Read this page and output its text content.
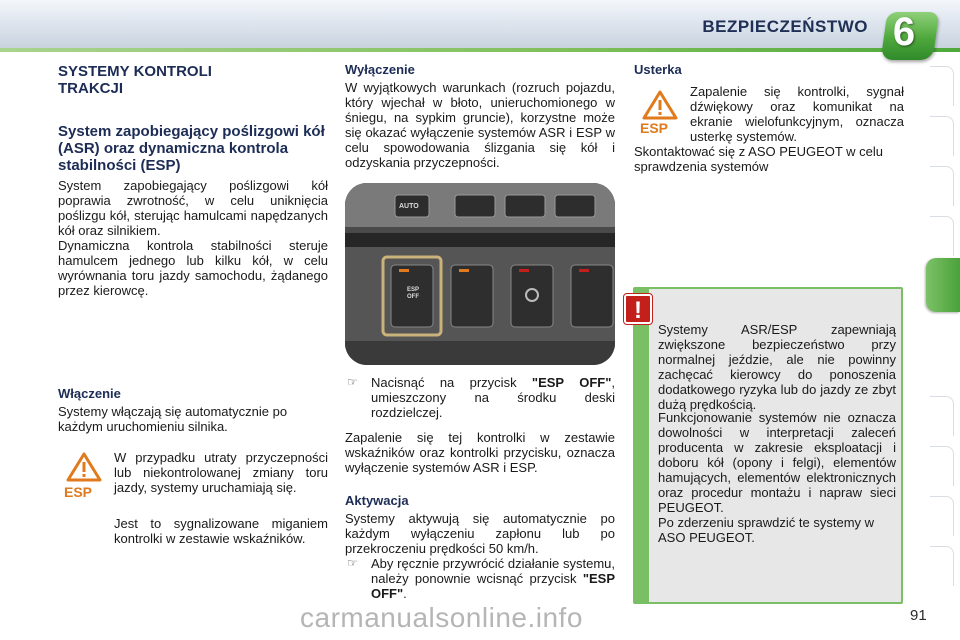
BEZPIECZEŃSTWO 6
SYSTEMY KONTROLI
TRAKCJI
System zapobiegający poślizgowi kół (ASR) oraz dynamiczna kontrola stabilności (ESP)
System zapobiegający poślizgowi kół poprawia zwrotność, w celu uniknięcia poślizgu kół, sterując hamulcami napędzanych kół oraz silnikiem.
Dynamiczna kontrola stabilności steruje hamulcem jednego lub kilku kół, w celu wyrównania toru jazdy samochodu, żądanego przez kierowcę.
Włączenie
Systemy włączają się automatycznie po każdym uruchomieniu silnika.
ESP
W przypadku utraty przyczepności lub niekontrolowanej zmiany toru jazdy, systemy uruchamiają się.
Jest to sygnalizowane miganiem kontrolki w zestawie wskaźników.
Wyłączenie
W wyjątkowych warunkach (rozruch pojazdu, który wjechał w błoto, unieruchomionego w śniegu, na sypkim gruncie), korzystne może się okazać wyłączenie systemów ASR i ESP w celu spowodowania ślizgania się kół i odzyskania przyczepności.
AUTO
ESP OFF
☞	Nacisnąć na przycisk "ESP OFF", umieszczony na środku deski rozdzielczej.
Zapalenie się tej kontrolki w zestawie wskaźników oraz kontrolki przycisku, oznacza wyłączenie systemów ASR i ESP.
Aktywacja
Systemy aktywują się automatycznie po każdym wyłączeniu zapłonu lub po przekroczeniu prędkości 50 km/h.
☞	Aby ręcznie przywrócić działanie systemu, należy ponownie wcisnąć przycisk "ESP OFF".
Usterka
ESP
Zapalenie się kontrolki, sygnał dźwiękowy oraz komunikat na ekranie wielofunkcyjnym, oznacza usterkę systemów.
Skontaktować się z ASO PEUGEOT w celu sprawdzenia systemów
!
Systemy ASR/ESP zapewniają zwiększone bezpieczeństwo przy normalnej jeździe, ale nie powinny zachęcać kierowcy do ponoszenia dodatkowego ryzyka lub do jazdy ze zbyt dużą prędkością.
Funkcjonowanie systemów nie oznacza dowolności w interpretacji zaleceń producenta w zakresie eksploatacji i doboru kół (opony i felgi), elementów hamujących, elementów elektronicznych oraz procedur montażu i napraw sieci PEUGEOT.
Po zderzeniu sprawdzić te systemy w ASO PEUGEOT.
91
carmanualsonline.info
